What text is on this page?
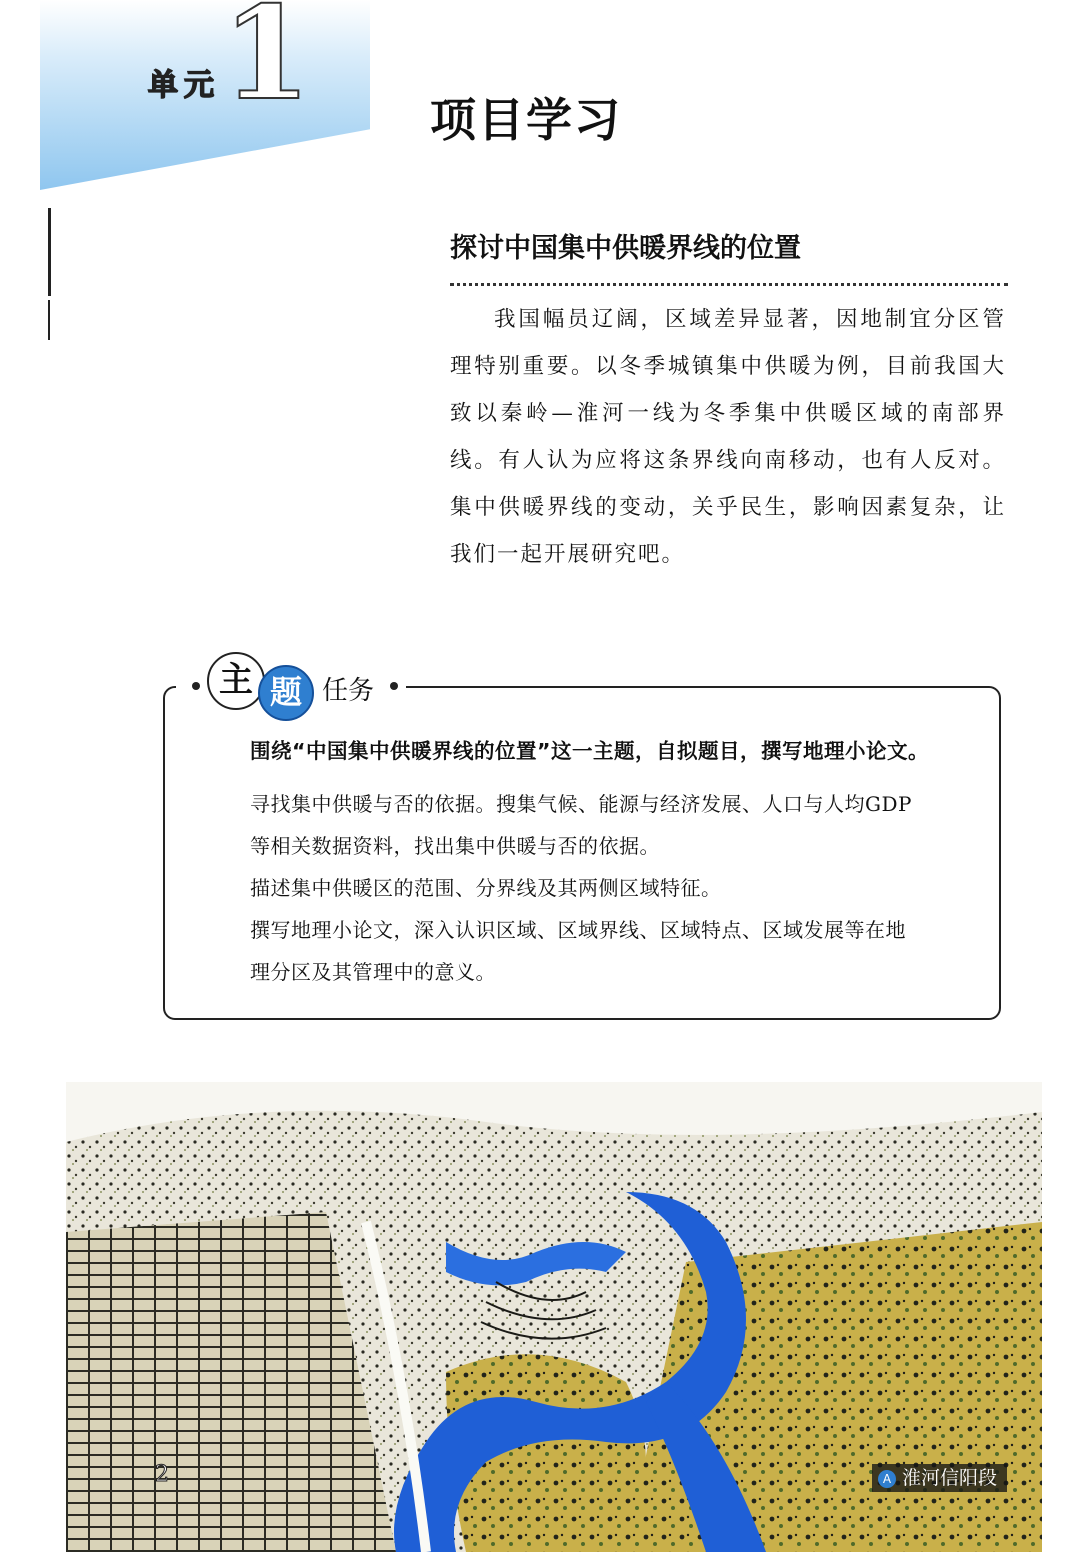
单元 1	项目学习
探讨中国集中供暖界线的位置

我国幅员辽阔，区域差异显著，因地制宜分区管理特别重要。以冬季城镇集中供暖为例，目前我国大致以秦岭—淮河一线为冬季集中供暖区域的南部界线。有人认为应将这条界线向南移动，也有人反对。集中供暖界线的变动，关乎民生，影响因素复杂，让我们一起开展研究吧。

主 题 任务
围绕“中国集中供暖界线的位置”这一主题，自拟题目，撰写地理小论文。
寻找集中供暖与否的依据。搜集气候、能源与经济发展、人口与人均GDP
等相关数据资料，找出集中供暖与否的依据。
描述集中供暖区的范围、分界线及其两侧区域特征。
撰写地理小论文，深入认识区域、区域界线、区域特点、区域发展等在地
理分区及其管理中的意义。
2	A 淮河信阳段
